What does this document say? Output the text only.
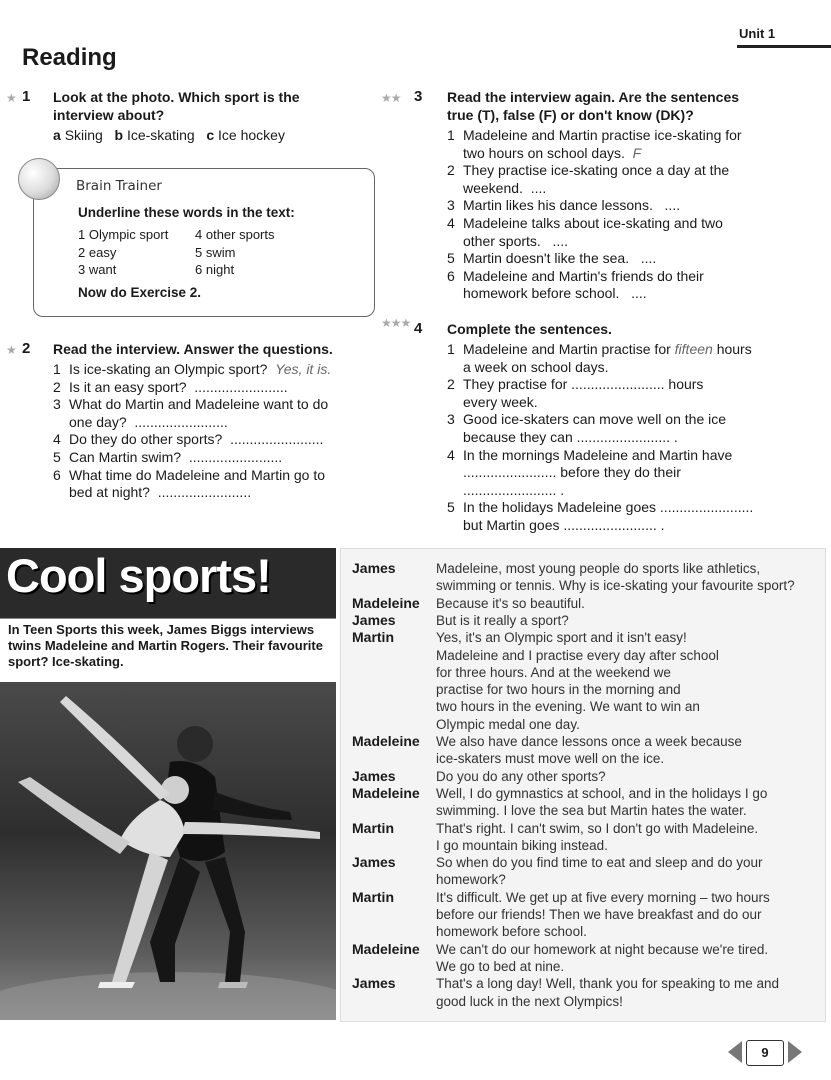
Unit 1
Reading
★ 1 Look at the photo. Which sport is the interview about?
a Skiing b Ice-skating c Ice hockey
Brain Trainer
Underline these words in the text:
1 Olympic sport
2 easy
3 want
4 other sports
5 swim
6 night
Now do Exercise 2.
★ 2 Read the interview. Answer the questions.
1 Is ice-skating an Olympic sport? Yes, it is.
2 Is it an easy sport? ........................
3 What do Martin and Madeleine want to do
one day? ........................
4 Do they do other sports? ........................
5 Can Martin swim? ........................
6 What time do Madeleine and Martin go to
bed at night? ........................
★★ 3 Read the interview again. Are the sentences
true (T), false (F) or don't know (DK)?
1 Madeleine and Martin practise ice-skating for
two hours on school days. F
2 They practise ice-skating once a day at the
weekend. ....
3 Martin likes his dance lessons. ....
4 Madeleine talks about ice-skating and two
other sports. ....
5 Martin doesn't like the sea. ....
6 Madeleine and Martin's friends do their
homework before school. ....
★★★ 4 Complete the sentences.
1 Madeleine and Martin practise for fifteen hours
a week on school days.
2 They practise for ........................ hours
every week.
3 Good ice-skaters can move well on the ice
because they can ........................ .
4 In the mornings Madeleine and Martin have
........................ before they do their
........................ .
5 In the holidays Madeleine goes ........................
but Martin goes ........................ .
Cool sports!
In Teen Sports this week, James Biggs interviews twins Madeleine and Martin Rogers. Their favourite sport? Ice-skating.
James	Madeleine, most young people do sports like athletics,
swimming or tennis. Why is ice-skating your favourite sport?
Madeleine Because it's so beautiful.
James	But is it really a sport?
Martin	Yes, it's an Olympic sport and it isn't easy!
Madeleine and I practise every day after school
for three hours. And at the weekend we
practise for two hours in the morning and
two hours in the evening. We want to win an
Olympic medal one day.
Madeleine We also have dance lessons once a week because
ice-skaters must move well on the ice.
James	Do you do any other sports?
Madeleine Well, I do gymnastics at school, and in the holidays I go
swimming. I love the sea but Martin hates the water.
Martin	That's right. I can't swim, so I don't go with Madeleine.
I go mountain biking instead.
James	So when do you find time to eat and sleep and do your
homework?
Martin	It's difficult. We get up at five every morning – two hours
before our friends! Then we have breakfast and do our
homework before school.
Madeleine We can't do our homework at night because we're tired.
We go to bed at nine.
James	That's a long day! Well, thank you for speaking to me and
good luck in the next Olympics!
9
